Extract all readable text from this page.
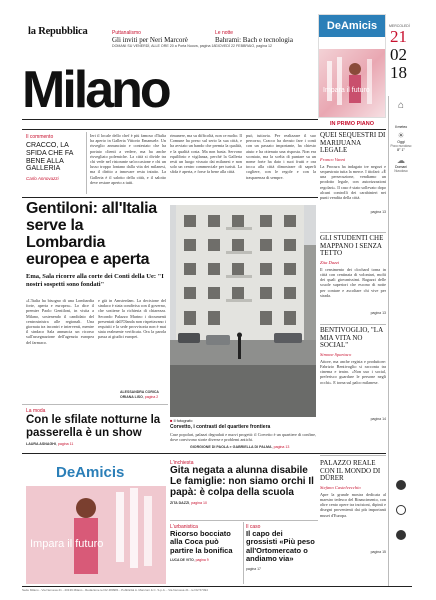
la Repubblica	Puttanalismo
Gli inviti per Neri Marcorè
DOMANI SU VENERDÌ, ALLE ORE 20 a Porta Nuova, pagina 18
Le notte
Bahrami: Bach e tecnologia
GIOVEDÌ 22 FEBBRAIO, pagina 12
Milano
DeAmicis
Impara il futuro
MERCOLEDÌ
21
02
18
IN PRIMO PIANO
Il commento
CRACCO, LA SFIDA CHE FA BENE ALLA GALLERIA
Carlo Annovazzi
Ieri il locale dello chef è più famoso d'Italia ha aperto in Galleria Vittorio Emanuele. Un risveglio annunciato e contestato che ha portato clienti a vedere, ma ha anche risvegliato polemiche. La città si divide tra chi vede nel ristorante un'occasione e chi un lusso troppo lontano dalla vita dei milanesi, ma il diritto a innovare resta intatto. La Galleria è il salotto della città, e il salotto deve restare aperto a tutti.
rimanere, ma su difficoltà, non ce molto. Il Comune ha preso sul serio la sua città, e ha avviato un bando che premia la qualità, e la qualità costa. Ma non basta. Servono equilibrio e vigilanza, perché la Galleria resti un luogo vissuto dai milanesi e non solo un centro commerciale per turisti. La sfida è aperta, e forse fa bene alla città.
può, tuttavia. Per realizzare il suo percorso, Cracco ha dovuto fare i conti con un passato importante, ha chiesto aiuto e ha ottenuto una risposta. Non era scontato, ma la scelta di puntare su un nome forte ha dato i suoi frutti e ora tocca alla città dimostrare di saperli cogliere, con le regole e con la trasparenza di sempre.
Gentiloni: all'Italia serve la Lombardia europea e aperta
Ema, Sala ricorre alla corte dei Conti della Ue: "I nostri sospetti sono fondati"
«L'Italia ha bisogno di una Lombardia forte, aperta e europea». Lo dice il premier Paolo Gentiloni, in visita a Milano, sostenendo il candidato del centrosinistra alle regionali. Una giornata tra incontri e interventi, mentre il sindaco Sala annuncia un ricorso sull'assegnazione dell'agenzia europea del farmaco.
e già in Amsterdam. La decisione del sindaco è stata condivisa con il governo, che sostiene la richiesta di chiarezza. Secondo Palazzo Marino i documenti presentati dall'Olanda non rispettavano i requisiti e la sede provvisoria non è mai stata realmente verificata. Ora la parola passa ai giudici europei.
ALESSANDRA CORICA
ORIANA LISO, pagina 2
■ Il fotografo
Corvetto, i contrasti del quartiere frontiera
Case popolari, palazzi degradati e nuovi progetti: il Corvetto è un quartiere di confine, dove convivono storie diverse e problemi antichi.
GIORGIONE DI PAOLA e GABRIELLA DI PALMA, pagina 13
La moda
Con le sfilate notturne la passerella è un show
LAURA ASNAGHI, pagina 11
DeAmicis
Impara il futuro
L'inchiesta
Gita negata a alunna disabile Le famiglie: non siamo orchi Il papà: è colpa della scuola
ZITA DAZZI, pagina 10
L'urbanistica
Ricorso bocciato alla Coca può partire la bonifica
LUCA DE VITO, pagina 9
Il caso
Il capo dei grossisti «Più peso all'Ortomercato o andiamo via»
pagina 17
QUEI SEQUESTRI DI MARIJUANA LEGALE
Franco Vanni
La Procura ha indagato tre negozi e sequestrato tutta la merce. I titolari: «È una persecuzione, vendiamo un prodotto legale, con autorizzazioni regolari». Il caso è stato sollevato dopo alcuni controlli dei carabinieri nei punti vendita della città.
pagina 13
GLI STUDENTI CHE MAPPANO I SENZA TETTO
Zita Dazzi
Il censimento dei clochard torna in città con centinaia di volontari, molti dei quali giovanissimi. Ragazzi delle scuole superiori che escono di notte per contare e ascoltare chi vive per strada.
pagina 13
BENTIVOGLIO, "LA MIA VITA NO SOCIAL"
Simone Spartaco
Attore, ma anche regista e produttore: Fabrizio Bentivoglio si racconta tra cinema e teatro. «Non uso i social, preferisco guardare le persone negli occhi». E torna sul palco milanese.
pagina 14
PALAZZO REALE CON IL MONDO DI DÜRER
Stefano Castelvecchio
Apre la grande mostra dedicata al maestro tedesco del Rinascimento, con oltre cento opere tra incisioni, dipinti e disegni provenienti dai più importanti musei d'Europa.
pagina 15
⌂
Il meteo
☀
Oggi
Poco nuvoloso
8° 1°
☁
Domani
Nuvoloso
Sede Milano - Via Nervesa 21 - 20139 Milano - Redazione tel 02 480981 - Pubblicità A. Manzoni & C. S.p.A. - Via Nervesa 21 - tel 02 57494
